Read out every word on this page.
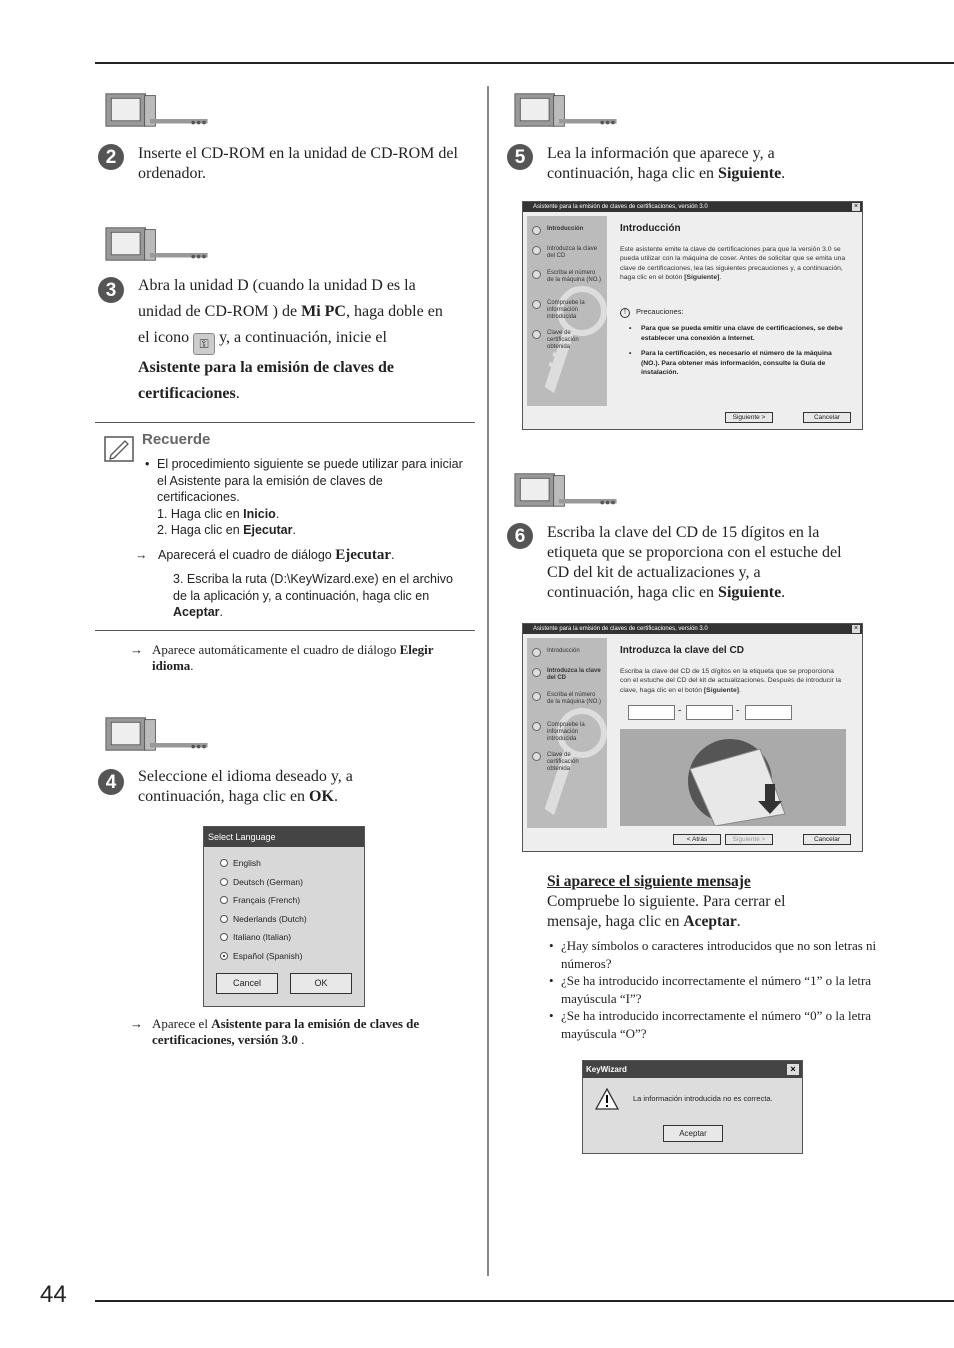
44
2 Inserte el CD-ROM en la unidad de CD-ROM del ordenador.
3 Abra la unidad D (cuando la unidad D es la
unidad de CD-ROM ) de Mi PC, haga doble en
el icono ⚿ y, a continuación, inicie el
Asistente para la emisión de claves de
certificaciones.
Recuerde
• El procedimiento siguiente se puede utilizar para iniciar el Asistente para la emisión de claves de certificaciones.
1. Haga clic en Inicio.
2. Haga clic en Ejecutar.
→ Aparecerá el cuadro de diálogo Ejecutar.
3. Escriba la ruta (D:\KeyWizard.exe) en el archivo de la aplicación y, a continuación, haga clic en Aceptar.
→ Aparece automáticamente el cuadro de diálogo Elegir idioma.
4 Seleccione el idioma deseado y, a
continuación, haga clic en OK.
Select Language
English
Deutsch (German)
Français (French)
Nederlands (Dutch)
Italiano (Italian)
Español (Spanish)
Cancel	OK
→ Aparece el Asistente para la emisión de claves de certificaciones, versión 3.0 .
5 Lea la información que aparece y, a
continuación, haga clic en Siguiente.
Asistente para la emisión de claves de certificaciones, versión 3.0	×
Introducción
Introduzca la clave del CD
Escriba el número de la máquina (NO.)
Compruebe la información introducida
Clave de certificación obtenida
Introducción
Este asistente emite la clave de certificaciones para que la versión 3.0 se pueda utilizar con la máquina de coser. Antes de solicitar que se emita una clave de certificaciones, lea las siguientes precauciones y, a continuación, haga clic en el botón [Siguiente].
! Precauciones:
• Para que se pueda emitir una clave de certificaciones, se debe establecer una conexión a Internet.
• Para la certificación, es necesario el número de la máquina (NO.). Para obtener más información, consulte la Guía de instalación.
Siguiente >	Cancelar
6 Escriba la clave del CD de 15 dígitos en la
etiqueta que se proporciona con el estuche del
CD del kit de actualizaciones y, a
continuación, haga clic en Siguiente.
Asistente para la emisión de claves de certificaciones, versión 3.0	×
Introducción
Introduzca la clave del CD
Escriba el número de la máquina (NO.)
Compruebe la información introducida
Clave de certificación obtenida
Introduzca la clave del CD
Escriba la clave del CD de 15 dígitos en la etiqueta que se proporciona con el estuche del CD del kit de actualizaciones. Después de introducir la clave, haga clic en el botón [Siguiente].
-	-
< Atrás	Siguiente >	Cancelar
Si aparece el siguiente mensaje
Compruebe lo siguiente. Para cerrar el
mensaje, haga clic en Aceptar.
• ¿Hay símbolos o caracteres introducidos que no son letras ni números?
• ¿Se ha introducido incorrectamente el número “1” o la letra mayúscula “I”?
• ¿Se ha introducido incorrectamente el número “0” o la letra mayúscula “O”?
KeyWizard	×
La información introducida no es correcta.
Aceptar
